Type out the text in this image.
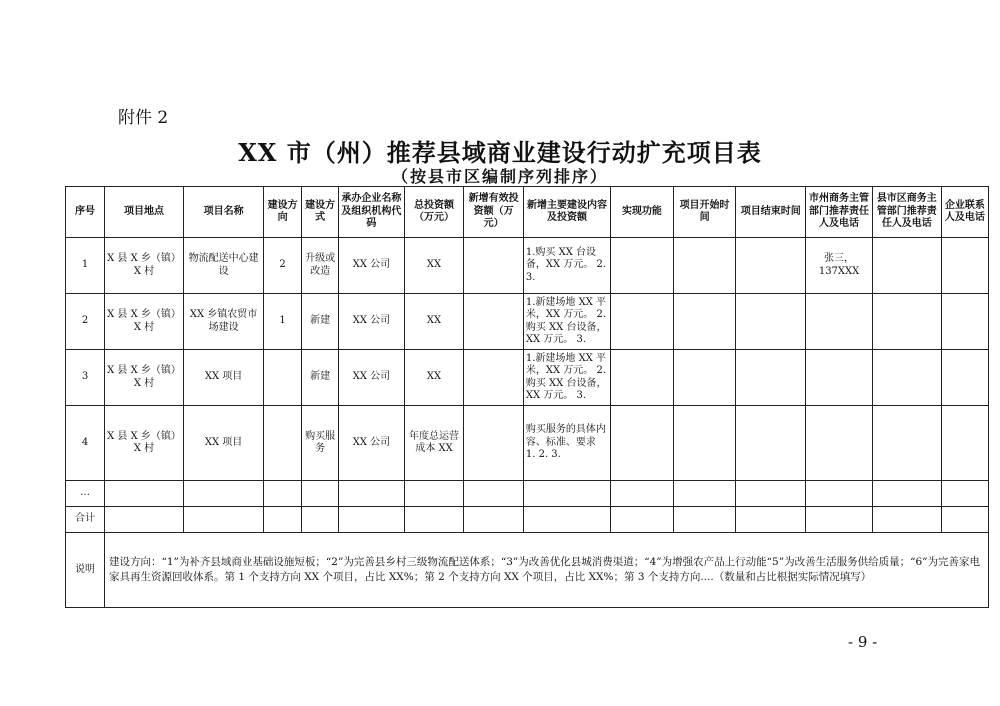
附件 2
XX 市（州）推荐县域商业建设行动扩充项目表
（按县市区编制序列排序）
序号	项目地点	项目名称	建设方向	建设方式	承办企业名称及组织机构代码	总投资额（万元）	新增有效投资额（万元）	新增主要建设内容及投资额	实现功能	项目开始时间	项目结束时间	市州商务主管部门推荐责任人及电话	县市区商务主管部门推荐责任人及电话	企业联系人及电话
1	X 县 X 乡（镇）X 村	物流配送中心建设	2	升级或改造	XX 公司	XX		1.购买 XX 台设备，XX 万元。 2. 3.				张三，137XXX		
2	X 县 X 乡（镇）X 村	XX 乡镇农贸市场建设	1	新建	XX 公司	XX		1.新建场地 XX 平米，XX 万元。 2.购买 XX 台设备，XX 万元。 3.						
3	X 县 X 乡（镇）X 村	XX 项目		新建	XX 公司	XX		1.新建场地 XX 平米，XX 万元。 2.购买 XX 台设备，XX 万元。 3.						
4	X 县 X 乡（镇）X 村	XX 项目		购买服务	XX 公司	年度总运营成本 XX		购买服务的具体内容、标准、要求 1. 2. 3.						
…														
合计														
说明	建设方向：“1”为补齐县域商业基础设施短板；“2”为完善县乡村三级物流配送体系；“3”为改善优化县城消费渠道；“4”为增强农产品上行动能“5”为改善生活服务供给质量；“6”为完善家电家具再生资源回收体系。第 1 个支持方向 XX 个项目，占比 XX%；第 2 个支持方向 XX 个项目，占比 XX%；第 3 个支持方向....（数量和占比根据实际情况填写）													
- 9 -
